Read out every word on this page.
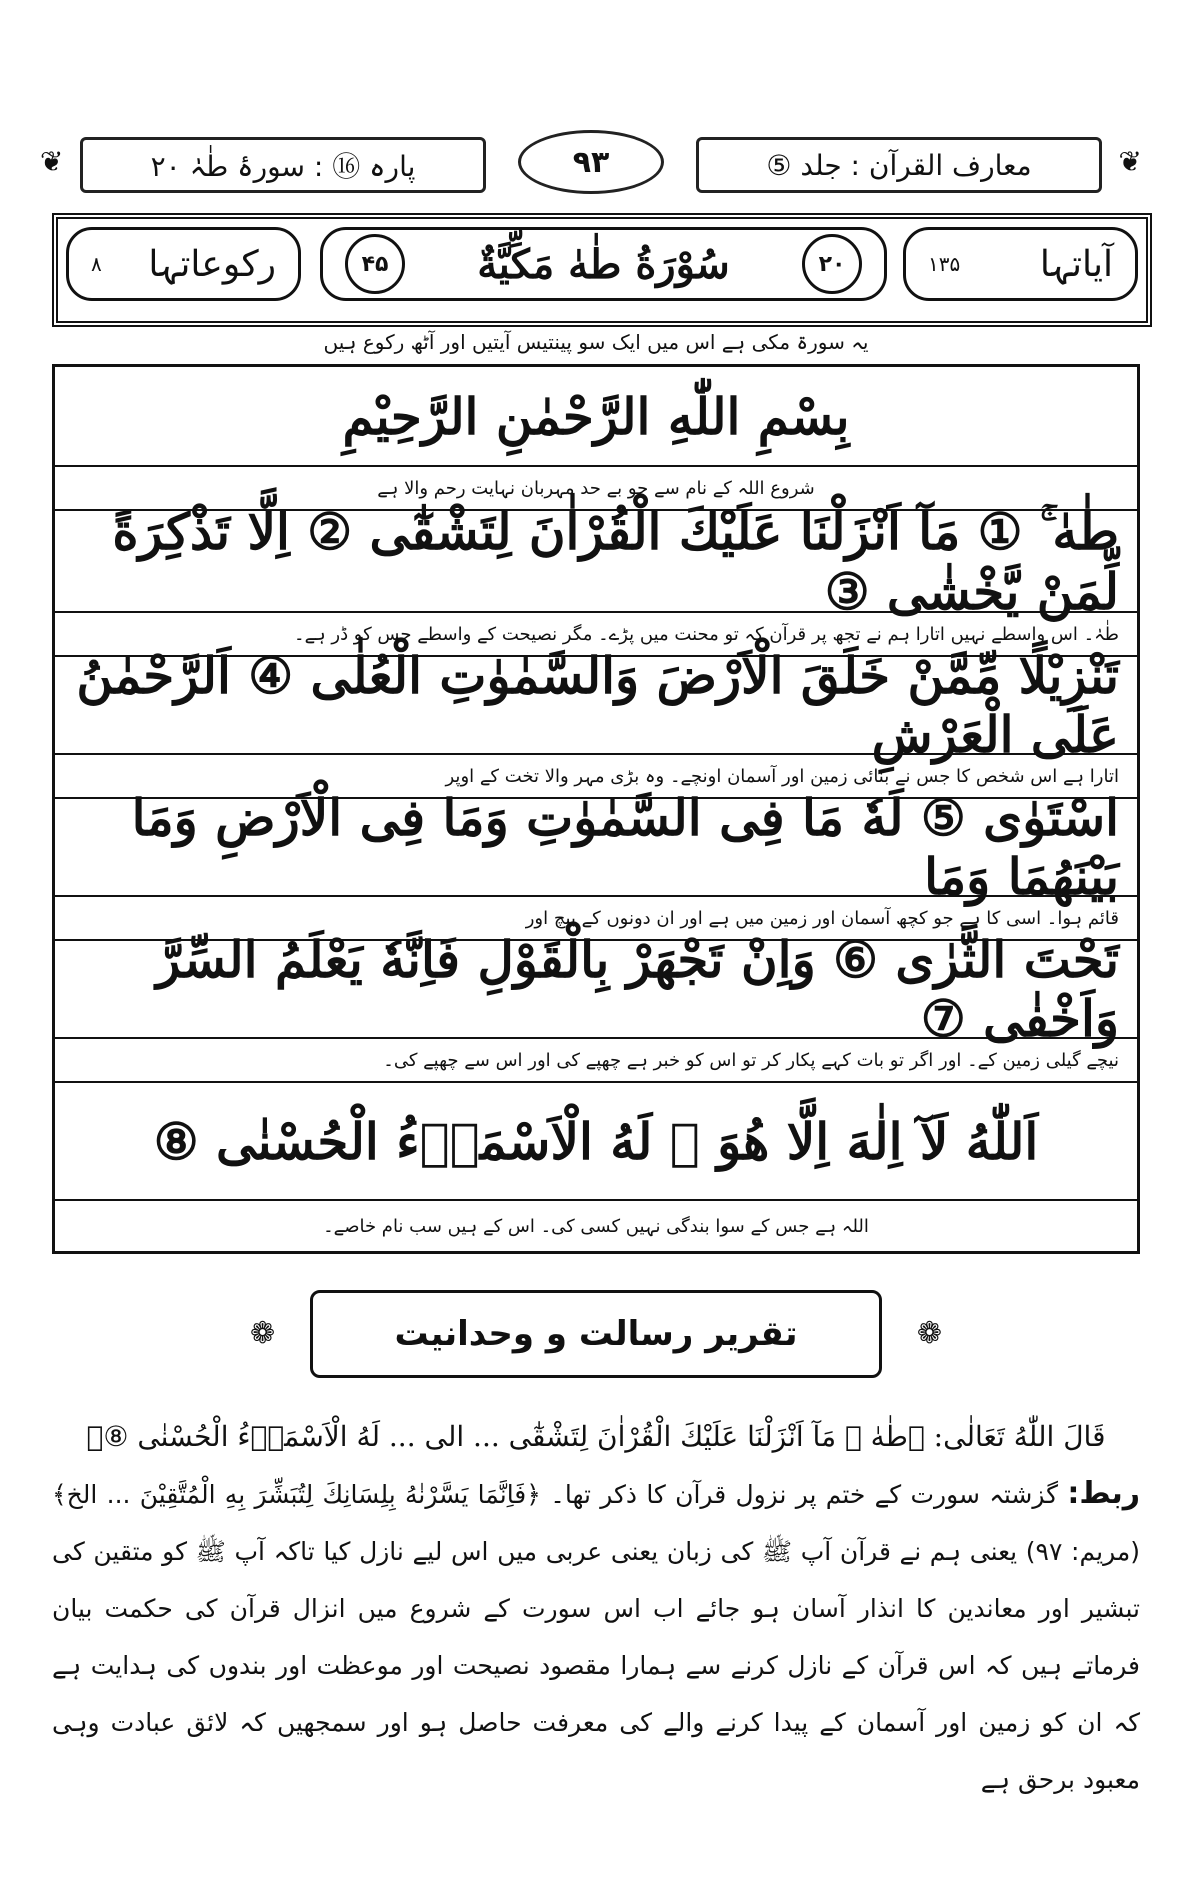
❦
معارف القرآن : جلد ⑤
۹۳
پارہ ⑯ : سورۂ طٰہٰ ۲۰
❦
آیاتہا
۱۳۵
۲۰
سُوْرَةُ طٰهٰ مَكِّيَّةٌ
۴۵
رکوعاتہا
۸
یہ سورۃ مکی ہے اس میں ایک سو پینتیس آیتیں اور آٹھ رکوع ہیں
بِسْمِ اللّٰهِ الرَّحْمٰنِ الرَّحِيْمِ
شروع اللہ کے نام سے جو بے حد مہربان نہایت رحم والا ہے
طٰهٰ ۚ ① مَآ اَنْزَلْنَا عَلَيْكَ الْقُرْاٰنَ لِتَشْقٰٓى ② اِلَّا تَذْكِرَةً لِّمَنْ يَّخْشٰى ③
طٰہٰ۔ اس واسطے نہیں اتارا ہم نے تجھ پر قرآن کہ تو محنت میں پڑے۔ مگر نصیحت کے واسطے جس کو ڈر ہے۔
تَنْزِيْلًا مِّمَّنْ خَلَقَ الْاَرْضَ وَالسَّمٰوٰتِ الْعُلٰى ④ اَلرَّحْمٰنُ عَلَى الْعَرْشِ
اتارا ہے اس شخص کا جس نے بنائی زمین اور آسمان اونچے۔ وہ بڑی مہر والا تخت کے اوپر
اسْتَوٰى ⑤ لَهٗ مَا فِى السَّمٰوٰتِ وَمَا فِى الْاَرْضِ وَمَا بَيْنَهُمَا وَمَا
قائم ہوا۔ اسی کا ہے جو کچھ آسمان اور زمین میں ہے اور ان دونوں کے بیچ اور
تَحْتَ الثَّرٰى ⑥ وَاِنْ تَجْهَرْ بِالْقَوْلِ فَاِنَّهٗ يَعْلَمُ السِّرَّ وَاَخْفٰى ⑦
نیچے گیلی زمین کے۔ اور اگر تو بات کہے پکار کر تو اس کو خبر ہے چھپے کی اور اس سے چھپے کی۔
اَللّٰهُ لَآ اِلٰهَ اِلَّا هُوَ ۭ لَهُ الْاَسْمَاۗءُ الْحُسْنٰى ⑧
اللہ ہے جس کے سوا بندگی نہیں کسی کی۔ اس کے ہیں سب نام خاصے۔
❁
تقریر رسالت و وحدانیت
❁
قَالَ اللّٰهُ تَعَالٰی: ﴿طٰهٰ ۚ مَآ اَنْزَلْنَا عَلَيْكَ الْقُرْاٰنَ لِتَشْقٰٓى ... الی ... لَهُ الْاَسْمَاۗءُ الْحُسْنٰى ⑧﴾
ربط: گزشتہ سورت کے ختم پر نزول قرآن کا ذکر تھا۔ ﴿فَاِنَّمَا يَسَّرْنٰهُ بِلِسَانِكَ لِتُبَشِّرَ بِهِ الْمُتَّقِيْنَ ... الخ﴾ (مریم: ۹۷) یعنی ہم نے قرآن آپ ﷺ کی زبان یعنی عربی میں اس لیے نازل کیا تاکہ آپ ﷺ کو متقین کی تبشیر اور معاندین کا انذار آسان ہو جائے اب اس سورت کے شروع میں انزال قرآن کی حکمت بیان فرماتے ہیں کہ اس قرآن کے نازل کرنے سے ہمارا مقصود نصیحت اور موعظت اور بندوں کی ہدایت ہے کہ ان کو زمین اور آسمان کے پیدا کرنے والے کی معرفت حاصل ہو اور سمجھیں کہ لائق عبادت وہی معبود برحق ہے
